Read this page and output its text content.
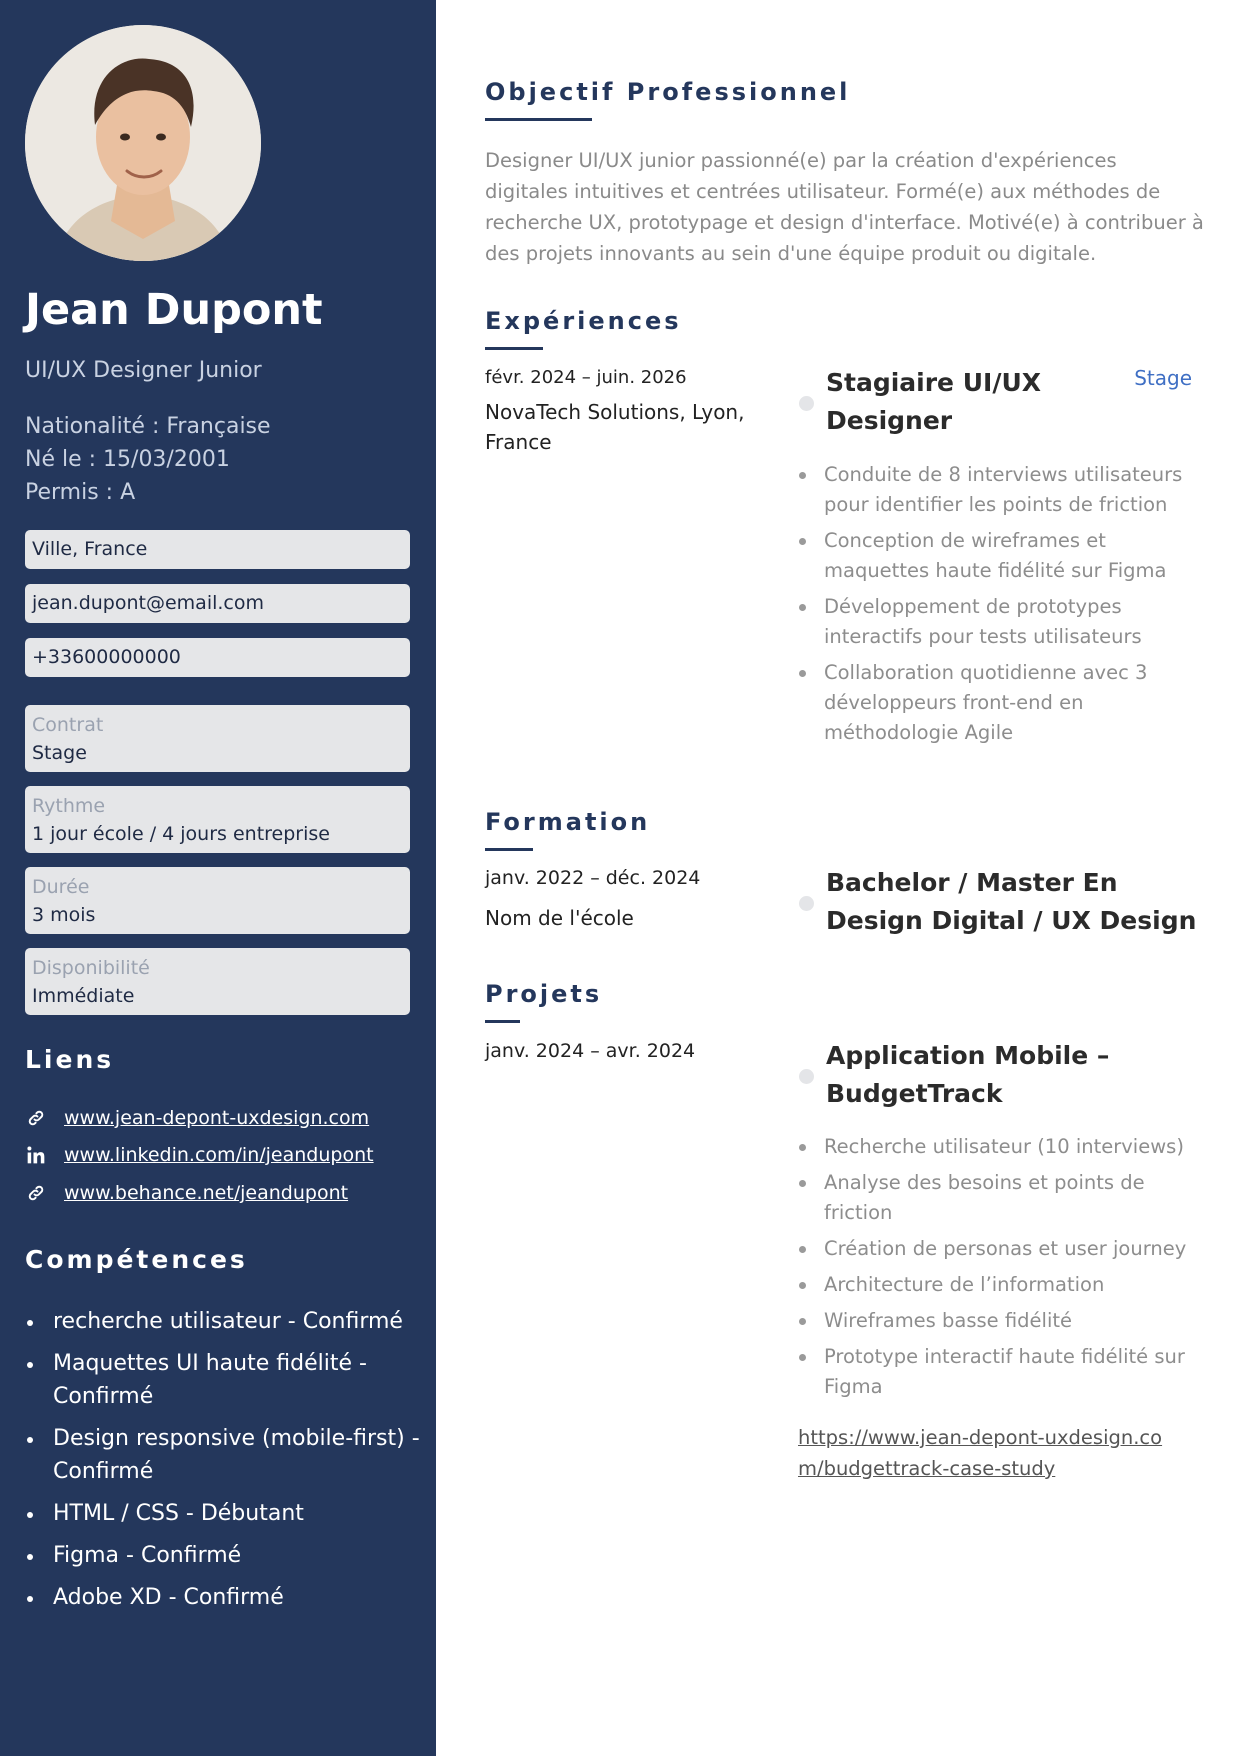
Jean Dupont
UI/UX Designer Junior
Nationalité : Française
Né le : 15/03/2001
Permis : A
Ville, France
jean.dupont@email.com
+33600000000
Contrat
Stage
Rythme
1 jour école / 4 jours entreprise
Durée
3 mois
Disponibilité
Immédiate
Liens
www.jean-depont-uxdesign.com
www.linkedin.com/in/jeandupont
www.behance.net/jeandupont
Compétences
recherche utilisateur - Confirmé
Maquettes UI haute fidélité - Confirmé
Design responsive (mobile-first) - Confirmé
HTML / CSS - Débutant
Figma - Confirmé
Adobe XD - Confirmé
Objectif Professionnel
Designer UI/UX junior passionné(e) par la création d'expériences digitales intuitives et centrées utilisateur. Formé(e) aux méthodes de recherche UX, prototypage et design d'interface. Motivé(e) à contribuer à des projets innovants au sein d'une équipe produit ou digitale.
Expériences
févr. 2024 – juin. 2026
NovaTech Solutions, Lyon, France
Stagiaire UI/UX Designer
Stage
Conduite de 8 interviews utilisateurs pour identifier les points de friction
Conception de wireframes et maquettes haute fidélité sur Figma
Développement de prototypes interactifs pour tests utilisateurs
Collaboration quotidienne avec 3 développeurs front-end en méthodologie Agile
Formation
janv. 2022 – déc. 2024
Nom de l'école
Bachelor / Master En Design Digital / UX Design
Projets
janv. 2024 – avr. 2024	Application Mobile – BudgetTrack
Recherche utilisateur (10 interviews)
Analyse des besoins et points de friction
Création de personas et user journey
Architecture de l’information
Wireframes basse fidélité
Prototype interactif haute fidélité sur Figma
https://www.jean-depont-uxdesign.com/budgettrack-case-study
